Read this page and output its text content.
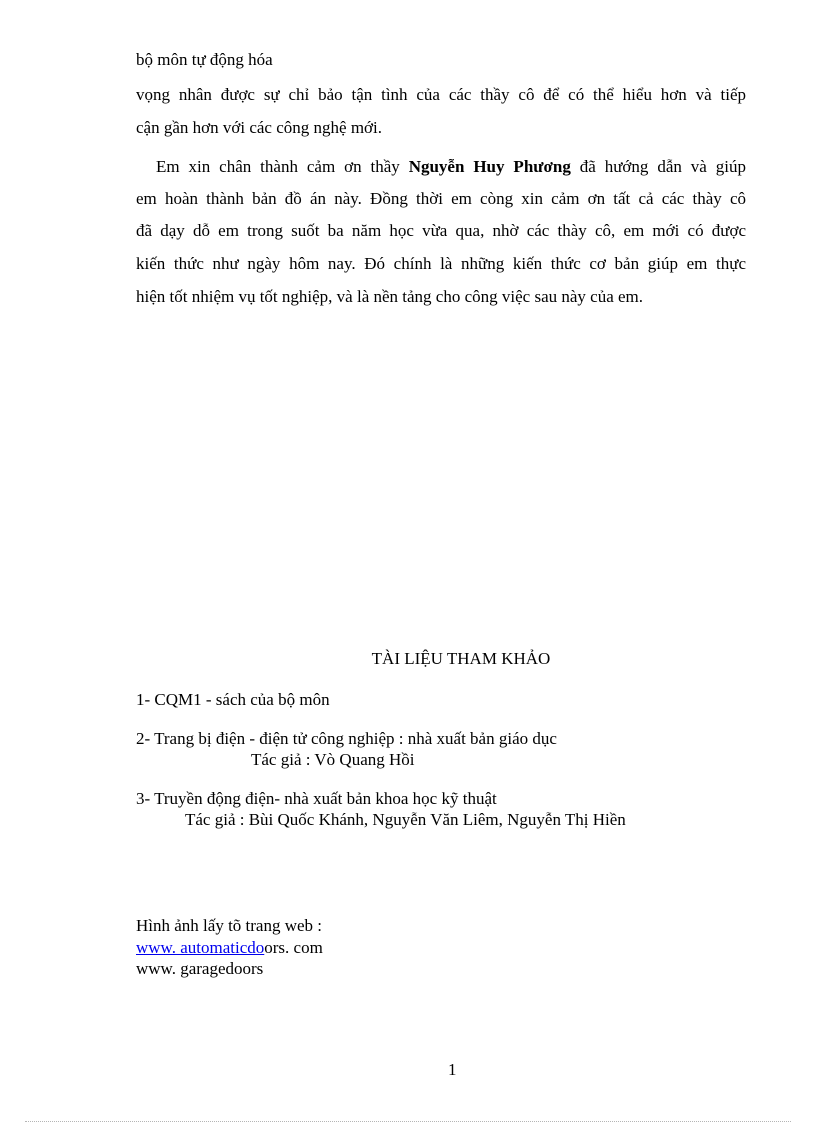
bộ môn tự động hóa
vọng nhân được sự chỉ bảo tận tình của các thầy cô để có thể hiểu hơn và tiếp
cận gần hơn với các công nghệ mới.
Em xin chân thành cảm ơn thầy Nguyễn Huy Phương đã hướng dẫn và giúp
em hoàn thành bản đồ án này. Đồng thời em còng xin cảm ơn tất cả các thày cô
đã dạy dỗ em trong suốt ba năm học vừa qua, nhờ các thày cô, em mới có được
kiến thức như ngày hôm nay. Đó chính là những kiến thức cơ bản giúp em thực
hiện tốt nhiệm vụ tốt nghiệp, và là nền tảng cho công việc sau này của em.
TÀI LIỆU THAM KHẢO
1- CQM1 - sách của bộ môn
2- Trang bị điện - điện tử công nghiệp : nhà xuất bản giáo dục
Tác giả : Vò Quang Hồi
3- Truyền động điện- nhà xuất bản khoa học kỹ thuật
Tác giả : Bùi Quốc Khánh, Nguyễn Văn Liêm, Nguyễn Thị Hiền
Hình ảnh lấy tõ trang web :
www. automaticdoors. com
www. garagedoors
1
